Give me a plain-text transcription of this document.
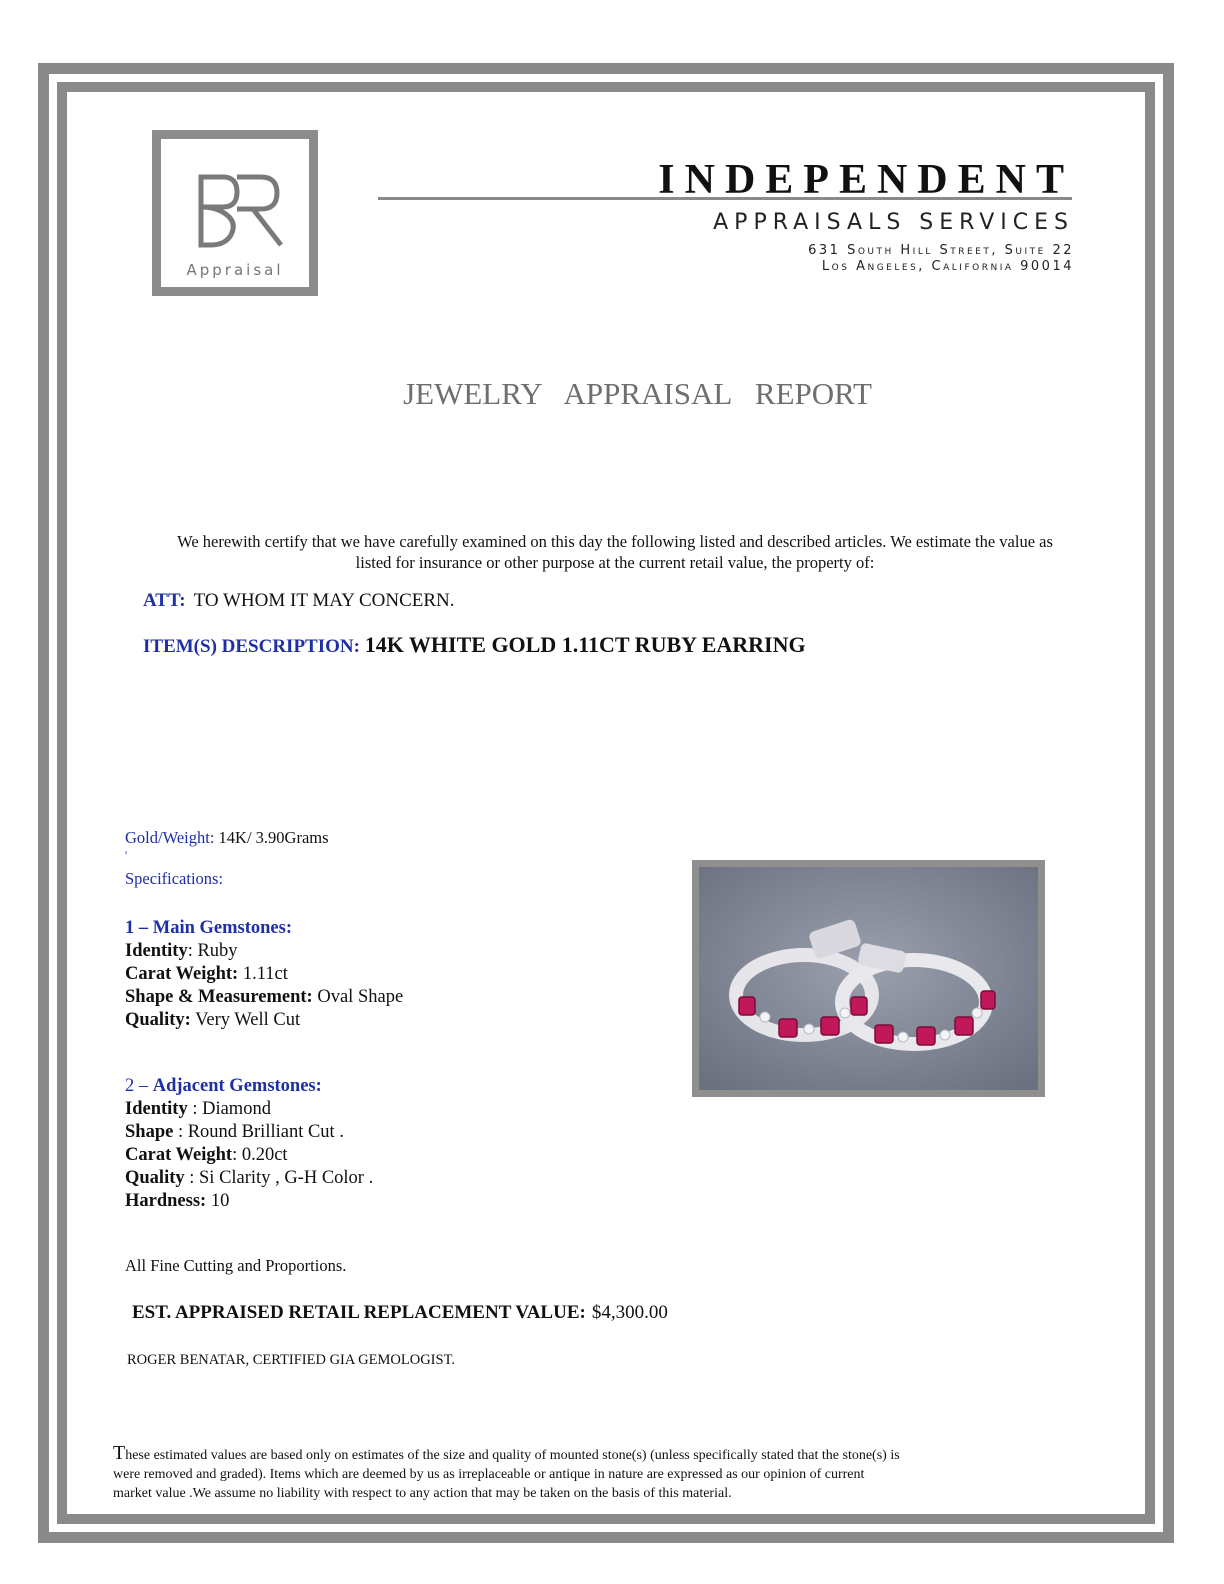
Appraisal
INDEPENDENT
APPRAISALS SERVICES
631 South Hill Street, Suite 22
Los Angeles, California 90014
JEWELRY APPRAISAL REPORT
We herewith certify that we have carefully examined on this day the following listed and described articles. We estimate the value as
listed for insurance or other purpose at the current retail value, the property of:
ATT: TO WHOM IT MAY CONCERN.
ITEM(S) DESCRIPTION: 14K WHITE GOLD 1.11CT RUBY EARRING
Gold/Weight: 14K/ 3.90Grams
'
Specifications:
1 – Main Gemstones:
Identity: Ruby
Carat Weight: 1.11ct
Shape & Measurement: Oval Shape
Quality: Very Well Cut
2 – Adjacent Gemstones:
Identity : Diamond
Shape : Round Brilliant Cut .
Carat Weight: 0.20ct
Quality : Si Clarity , G-H Color .
Hardness: 10
All Fine Cutting and Proportions.
EST. APPRAISED RETAIL REPLACEMENT VALUE: $4,300.00
ROGER BENATAR, CERTIFIED GIA GEMOLOGIST.
These estimated values are based only on estimates of the size and quality of mounted stone(s) (unless specifically stated that the stone(s) is
were removed and graded). Items which are deemed by us as irreplaceable or antique in nature are expressed as our opinion of current
market value .We assume no liability with respect to any action that may be taken on the basis of this material.
